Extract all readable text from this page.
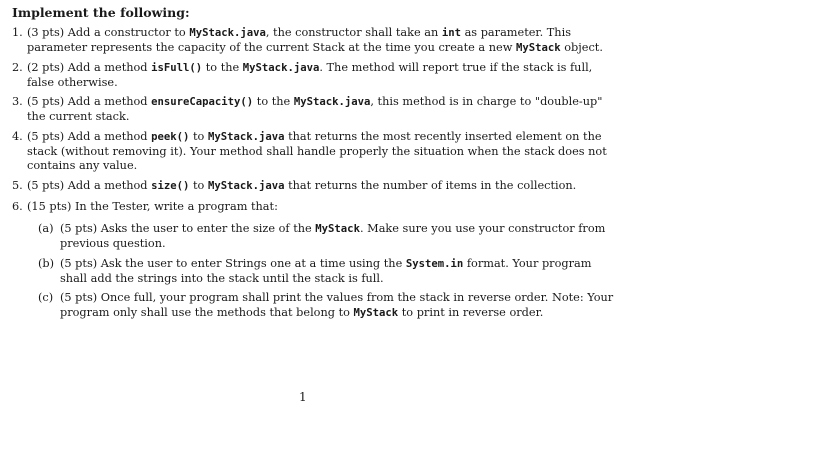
Implement the following:
1. (3 pts) Add a constructor to MyStack.java, the constructor shall take an int as parameter. This parameter represents the capacity of the current Stack at the time you create a new MyStack object.
2. (2 pts) Add a method isFull() to the MyStack.java. The method will report true if the stack is full, false otherwise.
3. (5 pts) Add a method ensureCapacity() to the MyStack.java, this method is in charge to "double-up" the current stack.
4. (5 pts) Add a method peek() to MyStack.java that returns the most recently inserted element on the stack (without removing it). Your method shall handle properly the situation when the stack does not contains any value.
5. (5 pts) Add a method size() to MyStack.java that returns the number of items in the collection.
6. (15 pts) In the Tester, write a program that:
(a) (5 pts) Asks the user to enter the size of the MyStack. Make sure you use your constructor from previous question.
(b) (5 pts) Ask the user to enter Strings one at a time using the System.in format. Your program shall add the strings into the stack until the stack is full.
(c) (5 pts) Once full, your program shall print the values from the stack in reverse order. Note: Your program only shall use the methods that belong to MyStack to print in reverse order.
1
